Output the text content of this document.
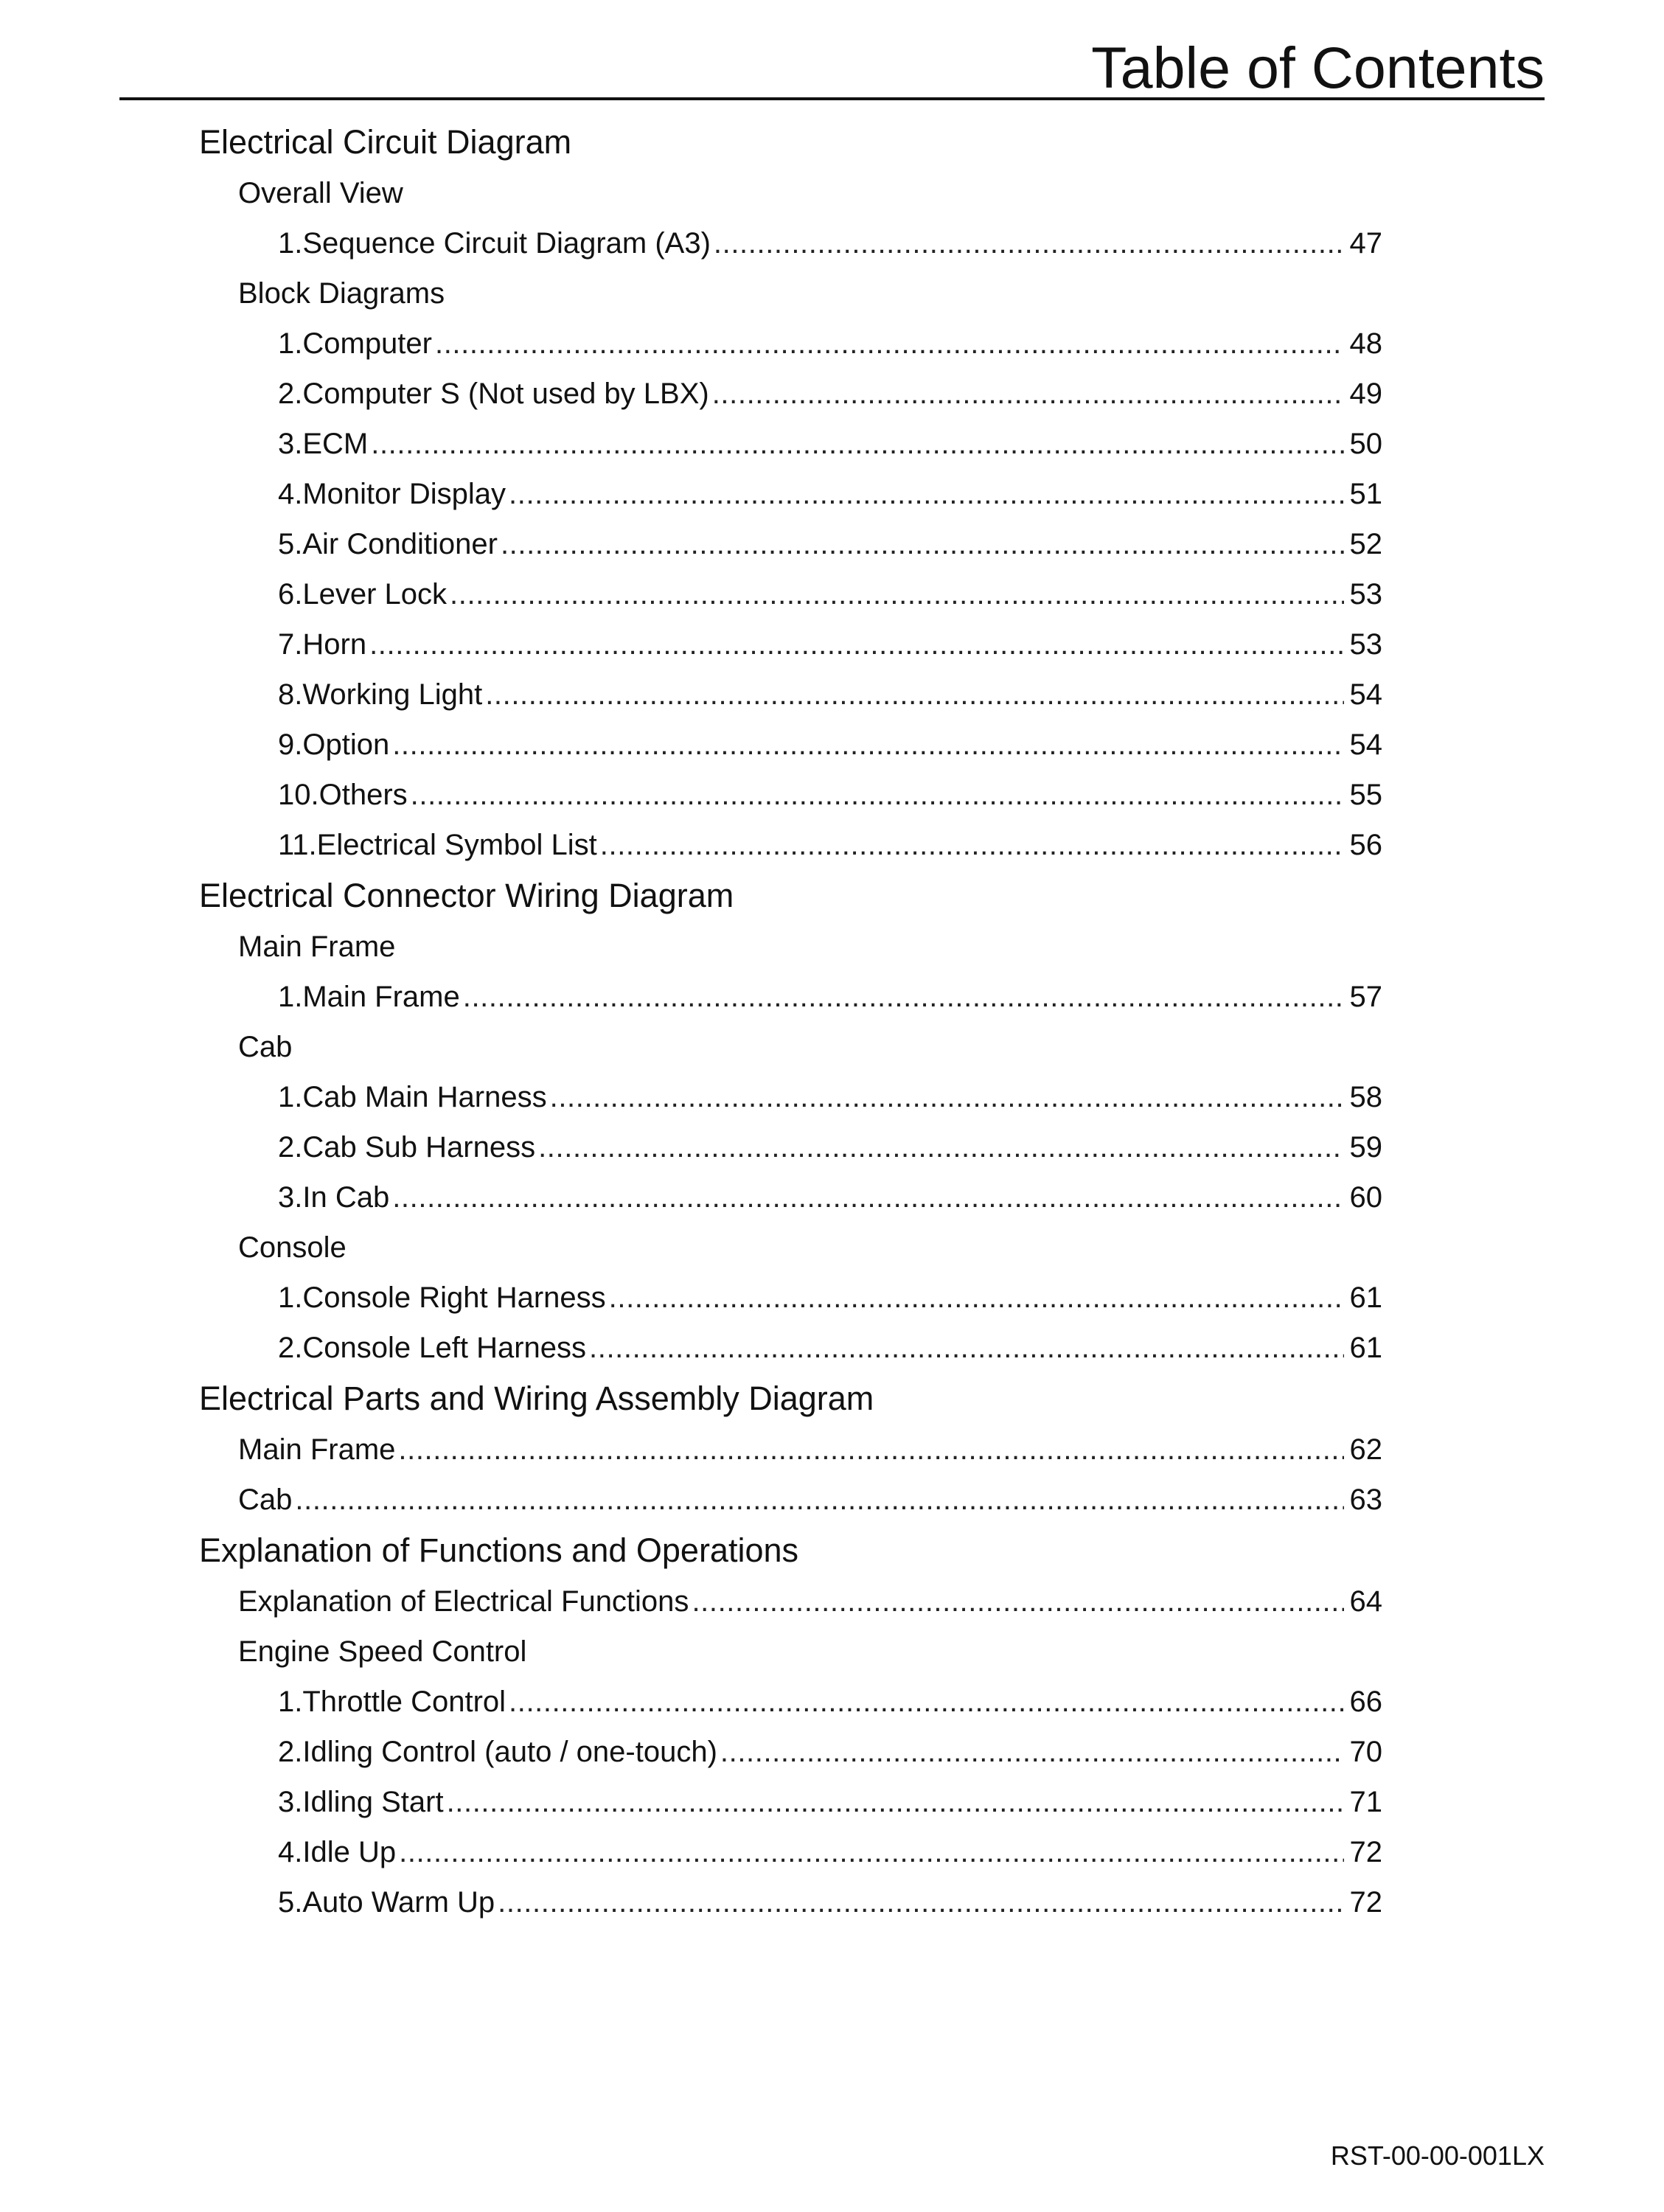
Table of Contents
Electrical Circuit Diagram
Overall View
1. Sequence Circuit Diagram (A3) .....	47
Block Diagrams
1. Computer .....	48
2. Computer S (Not used by LBX) .....	49
3. ECM .....	50
4. Monitor Display .....	51
5. Air Conditioner .....	52
6. Lever Lock .....	53
7. Horn .....	53
8. Working Light .....	54
9. Option .....	54
10. Others .....	55
11. Electrical Symbol List .....	56
Electrical Connector Wiring Diagram
Main Frame
1. Main Frame .....	57
Cab
1. Cab Main Harness .....	58
2. Cab Sub Harness .....	59
3. In Cab .....	60
Console
1. Console Right Harness .....	61
2. Console Left Harness .....	61
Electrical Parts and Wiring Assembly Diagram
Main Frame .....	62
Cab .....	63
Explanation of Functions and Operations
Explanation of Electrical Functions .....	64
Engine Speed Control
1. Throttle Control .....	66
2. Idling Control (auto / one-touch) .....	70
3. Idling Start .....	71
4. Idle Up .....	72
5. Auto Warm Up .....	72
RST-00-00-001LX
